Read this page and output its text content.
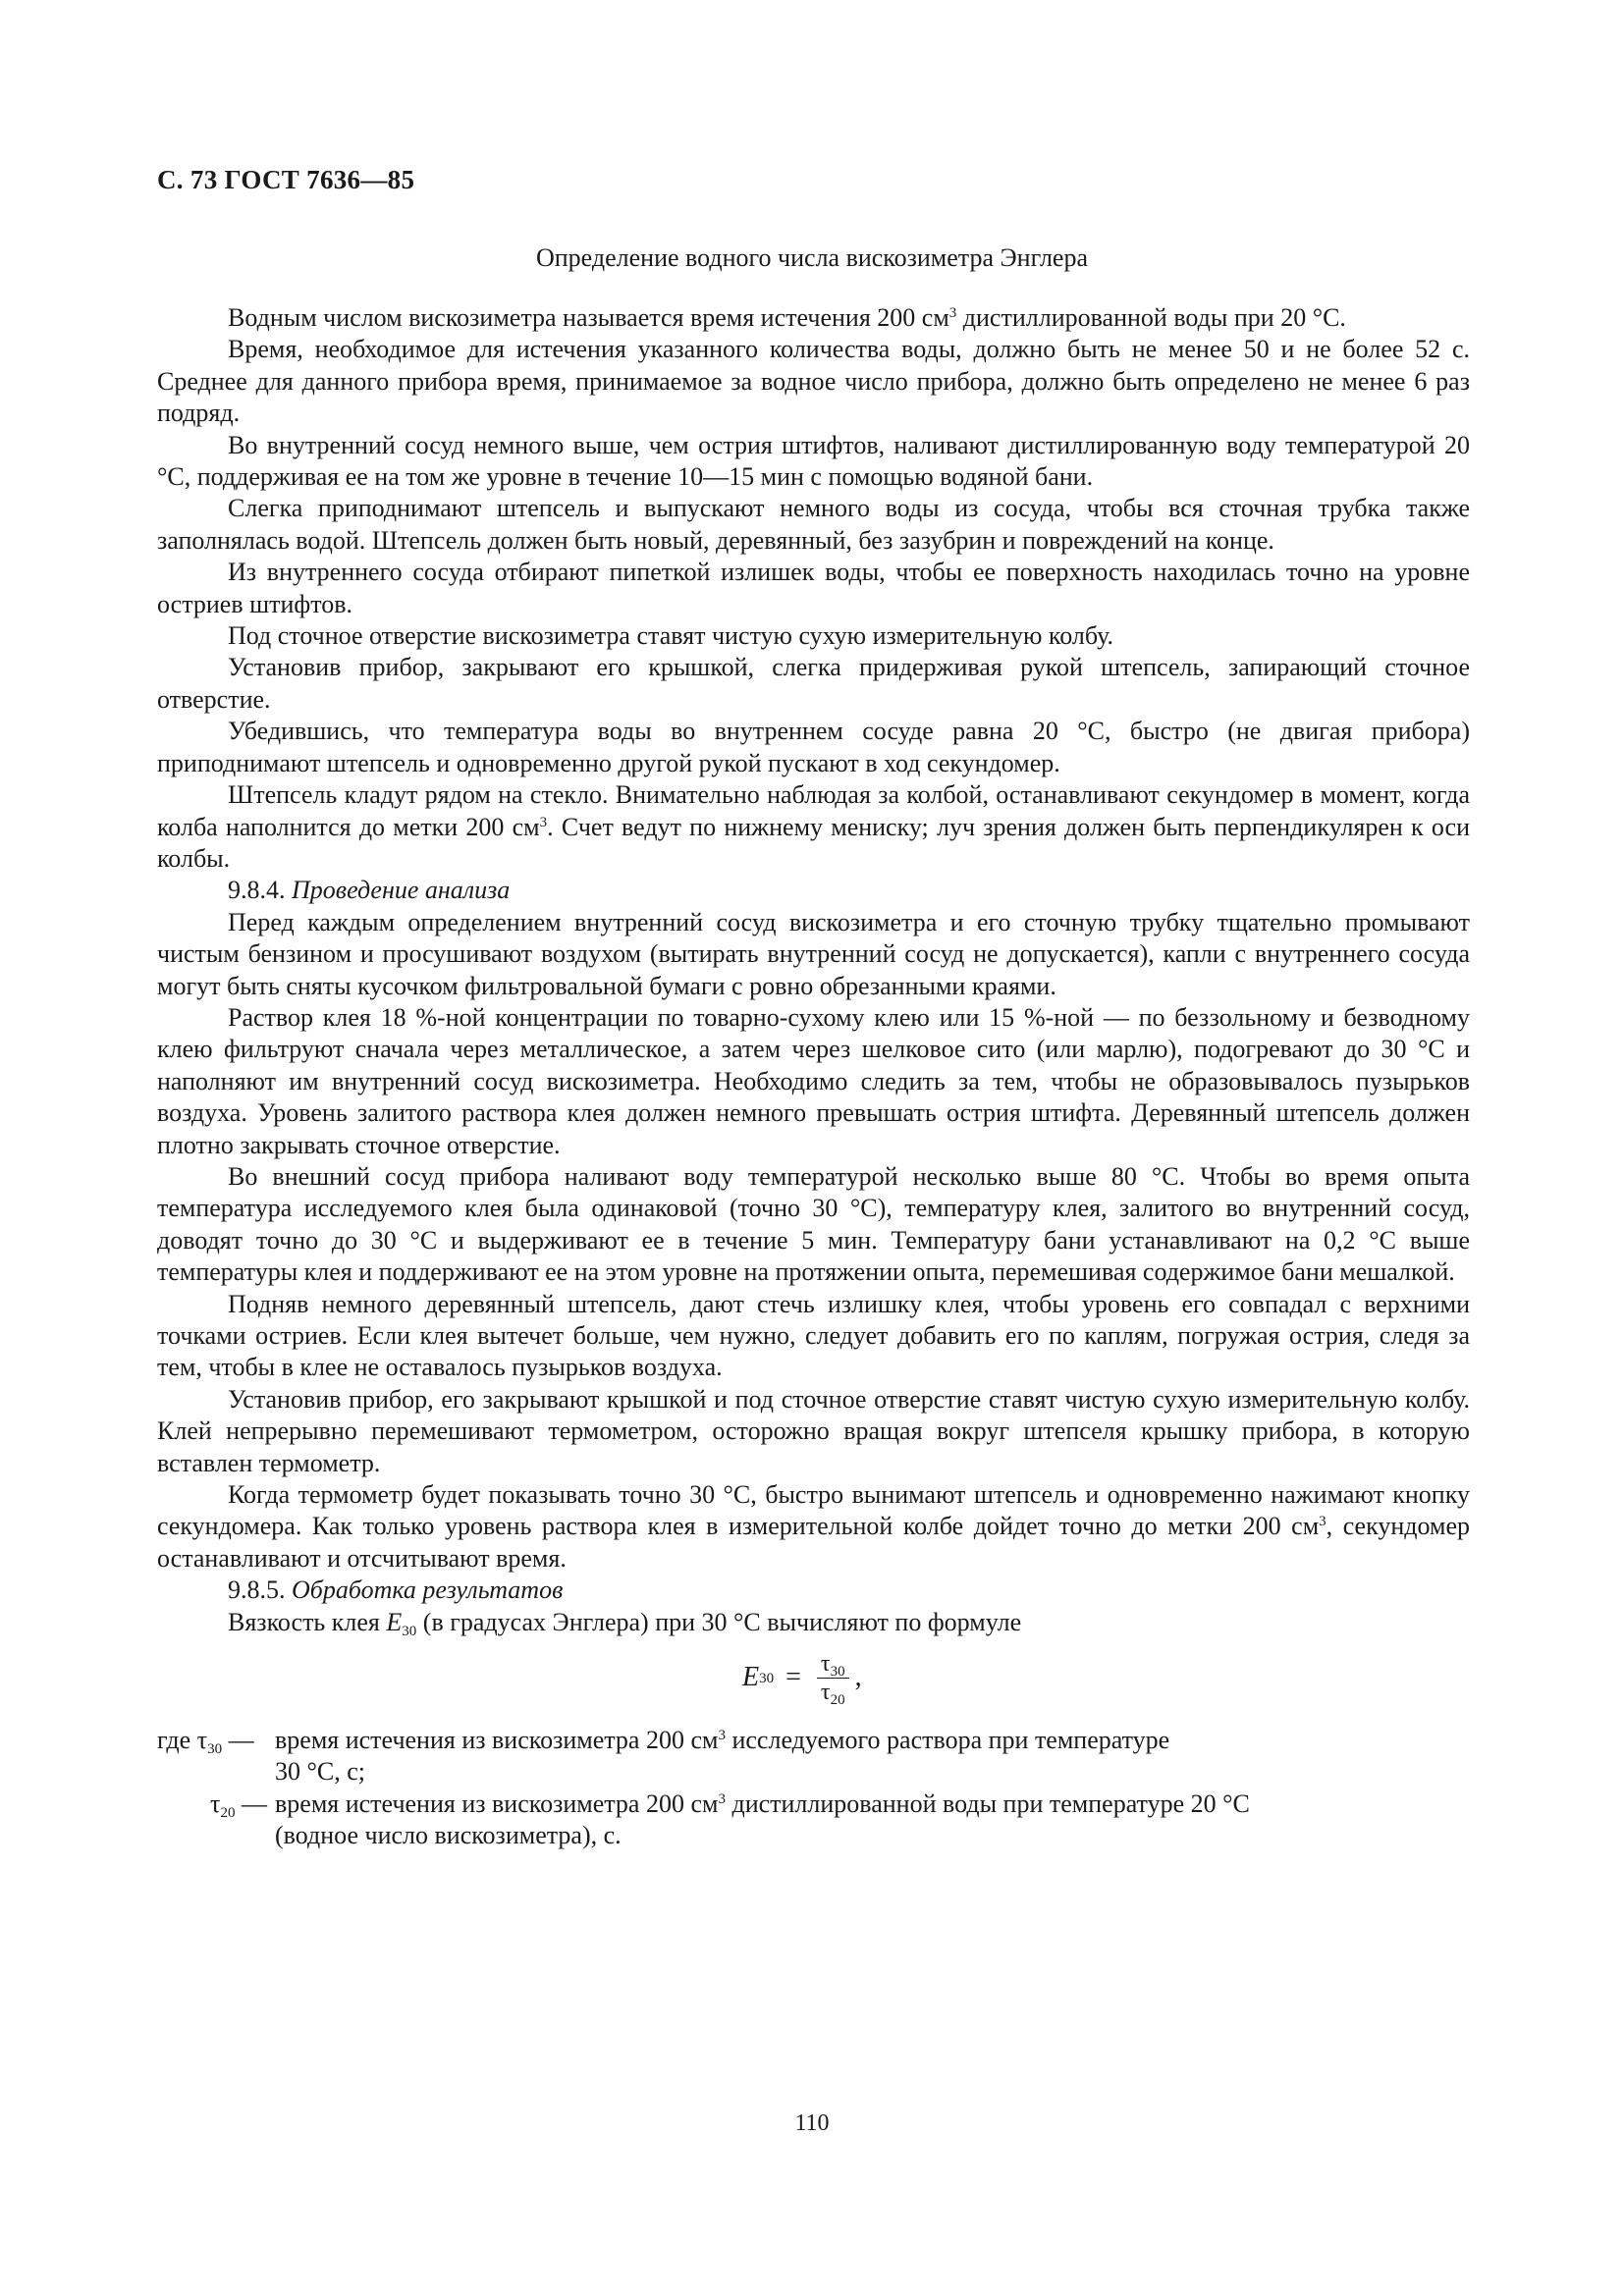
С. 73 ГОСТ 7636—85
Определение водного числа вискозиметра Энглера

Водным числом вискозиметра называется время истечения 200 $см^3$ дистиллированной воды при 20 °С.

Время, необходимое для истечения указанного количества воды, должно быть не менее 50 и не более 52 с. Среднее для данного прибора время, принимаемое за водное число прибора, должно быть определено не менее 6 раз подряд.

Во внутренний сосуд немного выше, чем острия штифтов, наливают дистиллированную воду температурой 20 °С, поддерживая ее на том же уровне в течение 10—15 мин с помощью водяной бани.

Слегка приподнимают штепсель и выпускают немного воды из сосуда, чтобы вся сточная трубка также заполнялась водой. Штепсель должен быть новый, деревянный, без зазубрин и повреждений на конце.

Из внутреннего сосуда отбирают пипеткой излишек воды, чтобы ее поверхность находилась точно на уровне остриев штифтов.

Под сточное отверстие вискозиметра ставят чистую сухую измерительную колбу.

Установив прибор, закрывают его крышкой, слегка придерживая рукой штепсель, запирающий сточное отверстие.

Убедившись, что температура воды во внутреннем сосуде равна 20 °С, быстро (не двигая прибора) приподнимают штепсель и одновременно другой рукой пускают в ход секундомер.

Штепсель кладут рядом на стекло. Внимательно наблюдая за колбой, останавливают секундомер в момент, когда колба наполнится до метки 200 $см^3$. Счет ведут по нижнему мениску; луч зрения должен быть перпендикулярен к оси колбы.

9.8.4. Проведение анализа

Перед каждым определением внутренний сосуд вискозиметра и его сточную трубку тщательно промывают чистым бензином и просушивают воздухом (вытирать внутренний сосуд не допускается), капли с внутреннего сосуда могут быть сняты кусочком фильтровальной бумаги с ровно обрезанными краями.

Раствор клея 18 %-ной концентрации по товарно-сухому клею или 15 %-ной — по беззольному и безводному клею фильтруют сначала через металлическое, а затем через шелковое сито (или марлю), подогревают до 30 °С и наполняют им внутренний сосуд вискозиметра. Необходимо следить за тем, чтобы не образовывалось пузырьков воздуха. Уровень залитого раствора клея должен немного превышать острия штифта. Деревянный штепсель должен плотно закрывать сточное отверстие.

Во внешний сосуд прибора наливают воду температурой несколько выше 80 °С. Чтобы во время опыта температура исследуемого клея была одинаковой (точно 30 °С), температуру клея, залитого во внутренний сосуд, доводят точно до 30 °С и выдерживают ее в течение 5 мин. Температуру бани устанавливают на 0,2 °С выше температуры клея и поддерживают ее на этом уровне на протяжении опыта, перемешивая содержимое бани мешалкой.

Подняв немного деревянный штепсель, дают стечь излишку клея, чтобы уровень его совпадал с верхними точками остриев. Если клея вытечет больше, чем нужно, следует добавить его по каплям, погружая острия, следя за тем, чтобы в клее не оставалось пузырьков воздуха.

Установив прибор, его закрывают крышкой и под сточное отверстие ставят чистую сухую измерительную колбу. Клей непрерывно перемешивают термометром, осторожно вращая вокруг штепселя крышку прибора, в которую вставлен термометр.

Когда термометр будет показывать точно 30 °С, быстро вынимают штепсель и одновременно нажимают кнопку секундомера. Как только уровень раствора клея в измерительной колбе дойдет точно до метки 200 $см^3$, секундомер останавливают и отсчитывают время.

9.8.5. Обработка результатов

Вязкость клея $E_{30}$ (в градусах Энглера) при 30 °С вычисляют по формуле

E $30 = \frac{\tau_{30}}{\tau_{20}}$ ,
где $\tau_{30}$ — время истечения из вискозиметра 200 $см^3$ исследуемого раствора при температуре
30 °С, с;
$\tau_{20}$ — время истечения из вискозиметра 200 $см^3$ дистиллированной воды при температуре 20 °С
(водное число вискозиметра), с.
110
